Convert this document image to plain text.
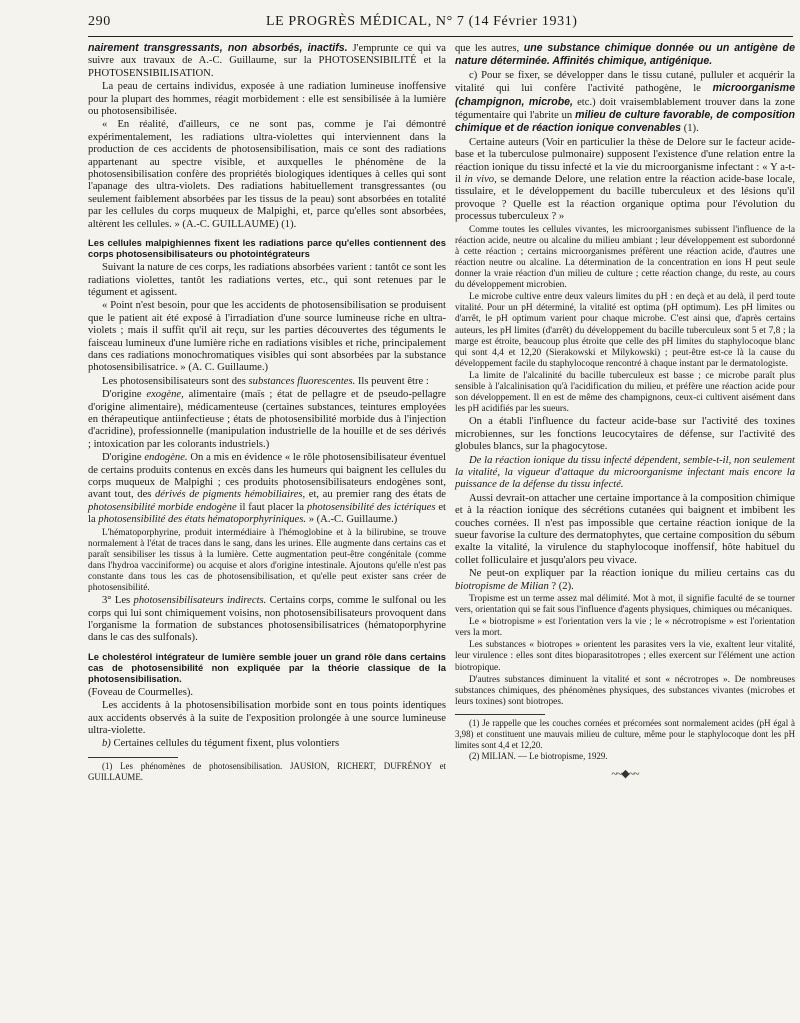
290	LE PROGRÈS MÉDICAL, N° 7 (14 Février 1931)

nairement transgressants, non absorbés, inactifs. J'emprunte ce qui va suivre aux travaux de A.-C. Guillaume, sur la PHOTOSENSIBILITÉ et la PHOTOSENSIBILISATION.

La peau de certains individus, exposée à une radiation lumineuse inoffensive pour la plupart des hommes, réagit morbidement : elle est sensibilisée à la lumière ou photosensibilisée.

« En réalité, d'ailleurs, ce ne sont pas, comme je l'ai démontré expérimentalement, les radiations ultra-violettes qui interviennent dans la production de ces accidents de photosensibilisation, mais ce sont des radiations appartenant au spectre visible, et auxquelles le phénomène de la photosensibilisation confère des propriétés biologiques identiques à celles qui sont l'apanage des ultra-violets. Des radiations habituellement transgressantes (ou seulement faiblement absorbées par les tissus de la peau) sont absorbées en totalité par les cellules du corps muqueux de Malpighi, et, parce qu'elles sont absorbées, altèrent les cellules. » (A.-C. GUILLAUME) (1).

Les cellules malpighiennes fixent les radiations parce qu'elles contiennent des corps photosensibilisateurs ou photointégrateurs

Suivant la nature de ces corps, les radiations absorbées varient : tantôt ce sont les radiations violettes, tantôt les radiations vertes, etc., qui sont retenues par le tégument et agissent.

« Point n'est besoin, pour que les accidents de photosensibilisation se produisent que le patient ait été exposé à l'irradiation d'une source lumineuse riche en ultra-violets ; mais il suffit qu'il ait reçu, sur les parties découvertes des téguments le faisceau lumineux d'une lumière riche en radiations visibles et riche, principalement dans ces radiations monochromatiques visibles qui sont absorbées par la substance photosensibilisatrice. » (A. C. Guillaume.)

Les photosensibilisateurs sont des substances fluorescentes. Ils peuvent être :

D'origine exogène, alimentaire (maïs ; état de pellagre et de pseudo-pellagre d'origine alimentaire), médicamenteuse (certaines substances, teintures employées en thérapeutique antiinfectieuse ; états de photosensibilité morbide dus à l'injection d'acridine), professionnelle (manipulation industrielle de la houille et de ses dérivés ; intoxication par les colorants industriels.)

D'origine endogène. On a mis en évidence « le rôle photosensibilisateur éventuel de certains produits contenus en excès dans les humeurs qui baignent les cellules du corps muqueux de Malpighi ; ces produits photosensibilisateurs endogènes sont, avant tout, des dérivés de pigments hémobiliaires, et, au premier rang des états de photosensibilité morbide endogène il faut placer la photosensibilité des ictériques et la photosensibilité des états hématoporphyriniques. » (A.-C. Guillaume.)

L'hématoporphyrine, produit intermédiaire à l'hémoglobine et à la bilirubine, se trouve normalement à l'état de traces dans le sang, dans les urines. Elle augmente dans certains cas et paraît sensibiliser les tissus à la lumière. Cette augmentation peut-être congénitale (comme dans l'hydroa vacciniforme) ou acquise et alors d'origine intestinale. Ajoutons qu'elle n'est pas constante dans tous les cas de photosensibilisation, et qu'elle peut exister sans créer de photosensibilité.

3° Les photosensibilisateurs indirects. Certains corps, comme le sulfonal ou les corps qui lui sont chimiquement voisins, non photosensibilisateurs provoquent dans l'organisme la formation de substances photosensibilisatrices (hématoporphyrine dans le cas des sulfonals).

Le cholestérol intégrateur de lumière semble jouer un grand rôle dans certains cas de photosensibilité non expliquée par la théorie classique de la photosensibilisation.

(Foveau de Courmelles).

Les accidents à la photosensibilisation morbide sont en tous points identiques aux accidents observés à la suite de l'exposition prolongée à une source lumineuse ultra-violette.

b) Certaines cellules du tégument fixent, plus volontiers

(1) Les phénomènes de photosensibilisation. JAUSION, RICHERT, DUFRÉNOY et GUILLAUME.

que les autres, une substance chimique donnée ou un antigène de nature déterminée. Affinités chimique, antigénique.

c) Pour se fixer, se développer dans le tissu cutané, pulluler et acquérir la vitalité qui lui confère l'activité pathogène, le microorganisme (champignon, microbe, etc.) doit vraisemblablement trouver dans la zone tégumentaire qui l'abrite un milieu de culture favorable, de composition chimique et de réaction ionique convenables (1).

Certaine auteurs (Voir en particulier la thèse de Delore sur le facteur acide-base et la tuberculose pulmonaire) supposent l'existence d'une relation entre la réaction ionique du tissu infecté et la vie du microorganisme infectant : « Y a-t-il in vivo, se demande Delore, une relation entre la réaction acide-base locale, tissulaire, et le développement du bacille tuberculeux et des lésions qu'il provoque ? Quelle est la réaction organique optima pour l'évolution du processus tuberculeux ? »

Comme toutes les cellules vivantes, les microorganismes subissent l'influence de la réaction acide, neutre ou alcaline du milieu ambiant ; leur développement est subordonné à cette réaction ; certains microorganismes préfèrent une réaction acide, d'autres une réaction neutre ou alcaline. La détermination de la concentration en ions H peut seule donner la vraie réaction d'un milieu de culture ; cette réaction change, du reste, au cours du développement microbien.

Le microbe cultive entre deux valeurs limites du pH : en deçà et au delà, il perd toute vitalité. Pour un pH déterminé, la vitalité est optima (pH optimum). Les pH limites ou d'arrêt, le pH optimum varient pour chaque microbe. C'est ainsi que, d'après certains auteurs, les pH limites (d'arrêt) du développement du bacille tuberculeux sont 5 et 7,8 ; la marge est étroite, beaucoup plus étroite que celle des pH limites du staphylocoque blanc qui sont 4,4 et 12,20 (Sierakowski et Milykowski) ; peut-être est-ce là la cause du développement facile du staphylocoque rencontré à chaque instant par le dermatologiste.

La limite de l'alcalinité du bacille tuberculeux est basse ; ce microbe paraît plus sensible à l'alcalinisation qu'à l'acidification du milieu, et préfère une réaction acide pour son développement. Il en est de même des champignons, ceux-ci cultivent aisément dans les pH acidifiés par les sueurs.

On a établi l'influence du facteur acide-base sur l'activité des toxines microbiennes, sur les fonctions leucocytaires de défense, sur l'activité des globules blancs, sur la phagocytose.

De la réaction ionique du tissu infecté dépendent, semble-t-il, non seulement la vitalité, la vigueur d'attaque du microorganisme infectant mais encore la puissance de la défense du tissu infecté.

Aussi devrait-on attacher une certaine importance à la composition chimique et à la réaction ionique des sécrétions cutanées qui baignent et imbibent les couches cornées. Il n'est pas impossible que certaine réaction ionique de la sueur favorise la culture des dermatophytes, que certaine composition du sébum exalte la vitalité, la virulence du staphylocoque inoffensif, hôte habituel du collet folliculaire et jusqu'alors peu vivace.

Ne peut-on expliquer par la réaction ionique du milieu certains cas du biotropisme de Milian ? (2).

Tropisme est un terme assez mal délimité. Mot à mot, il signifie faculté de se tourner vers, orientation qui se fait sous l'influence d'agents physiques, chimiques ou mécaniques.

Le « biotropisme » est l'orientation vers la vie ; le « nécrotropisme » est l'orientation vers la mort.

Les substances « biotropes » orientent les parasites vers la vie, exaltent leur vitalité, leur virulence : elles sont dites bioparasitotropes ; elles exercent sur l'élément une action biotropique.

D'autres substances diminuent la vitalité et sont « nécrotropes ». De nombreuses substances chimiques, des phénomènes physiques, des substances vivantes (microbes et leurs toxines) sont biotropes.

(1) Je rappelle que les couches cornées et précornées sont normalement acides (pH égal à 3,98) et constituent une mauvais milieu de culture, même pour le staphylocoque dont les pH limites sont 4,4 et 12,20.

(2) MILIAN. — Le biotropisme, 1929.

~~◆~~
